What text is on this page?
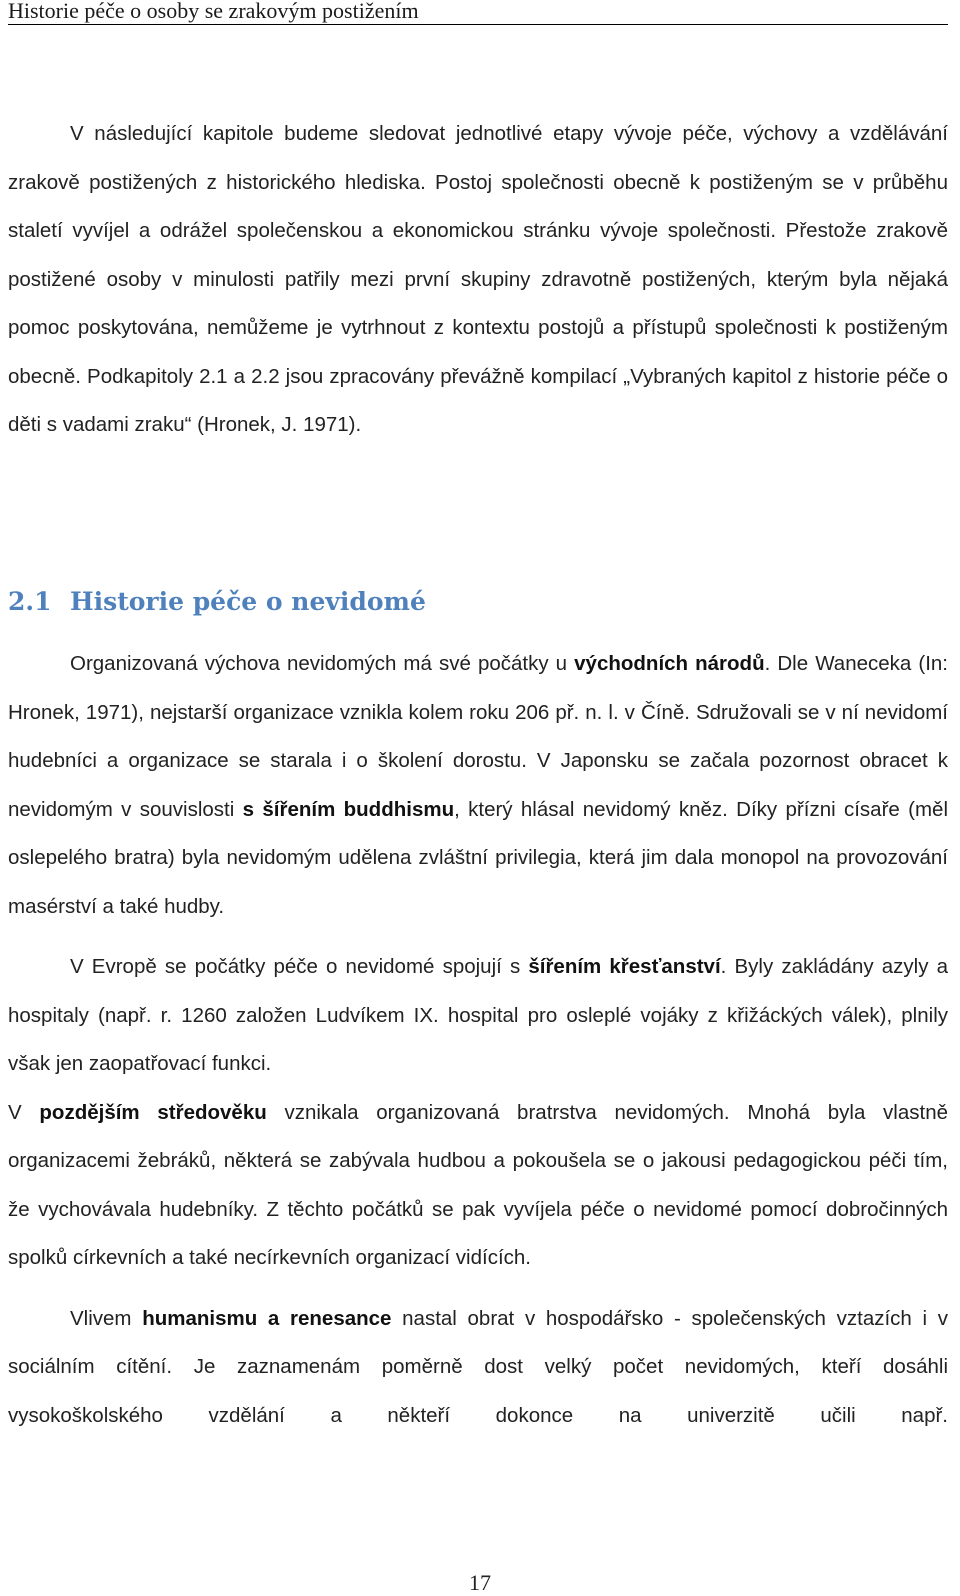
Historie péče o osoby se zrakovým postižením

V následující kapitole budeme sledovat jednotlivé etapy vývoje péče, výchovy a vzdělávání zrakově postižených z historického hlediska. Postoj společnosti obecně k postiženým se v průběhu staletí vyvíjel a odrážel společenskou a ekonomickou stránku vývoje společnosti. Přestože zrakově postižené osoby v minulosti patřily mezi první skupiny zdravotně postižených, kterým byla nějaká pomoc poskytována, nemůžeme je vytrhnout z kontextu postojů a přístupů společnosti k postiženým obecně. Podkapitoly 2.1 a 2.2 jsou zpracovány převážně kompilací „Vybraných kapitol z historie péče o děti s vadami zraku“ (Hronek, J. 1971).

2.1 Historie péče o nevidomé

Organizovaná výchova nevidomých má své počátky u východních národů. Dle Waneceka (In: Hronek, 1971), nejstarší organizace vznikla kolem roku 206 př. n. l. v Číně. Sdružovali se v ní nevidomí hudebníci a organizace se starala i o školení dorostu. V Japonsku se začala pozornost obracet k nevidomým v souvislosti s šířením buddhismu, který hlásal nevidomý kněz. Díky přízni císaře (měl oslepelého bratra) byla nevidomým udělena zvláštní privilegia, která jim dala monopol na provozování masérství a také hudby.

V Evropě se počátky péče o nevidomé spojují s šířením křesťanství. Byly zakládány azyly a hospitaly (např. r. 1260 založen Ludvíkem IX. hospital pro osleplé vojáky z křižáckých válek), plnily však jen zaopatřovací funkci.

V pozdějším středověku vznikala organizovaná bratrstva nevidomých. Mnohá byla vlastně organizacemi žebráků, některá se zabývala hudbou a pokoušela se o jakousi pedagogickou péči tím, že vychovávala hudebníky. Z těchto počátků se pak vyvíjela péče o nevidomé pomocí dobročinných spolků církevních a také necírkevních organizací vidících.

Vlivem humanismu a renesance nastal obrat v hospodářsko - společenských vztazích i v sociálním cítění. Je zaznamenám poměrně dost velký počet nevidomých, kteří dosáhli vysokoškolského vzdělání a někteří dokonce na univerzitě učili např.

17
